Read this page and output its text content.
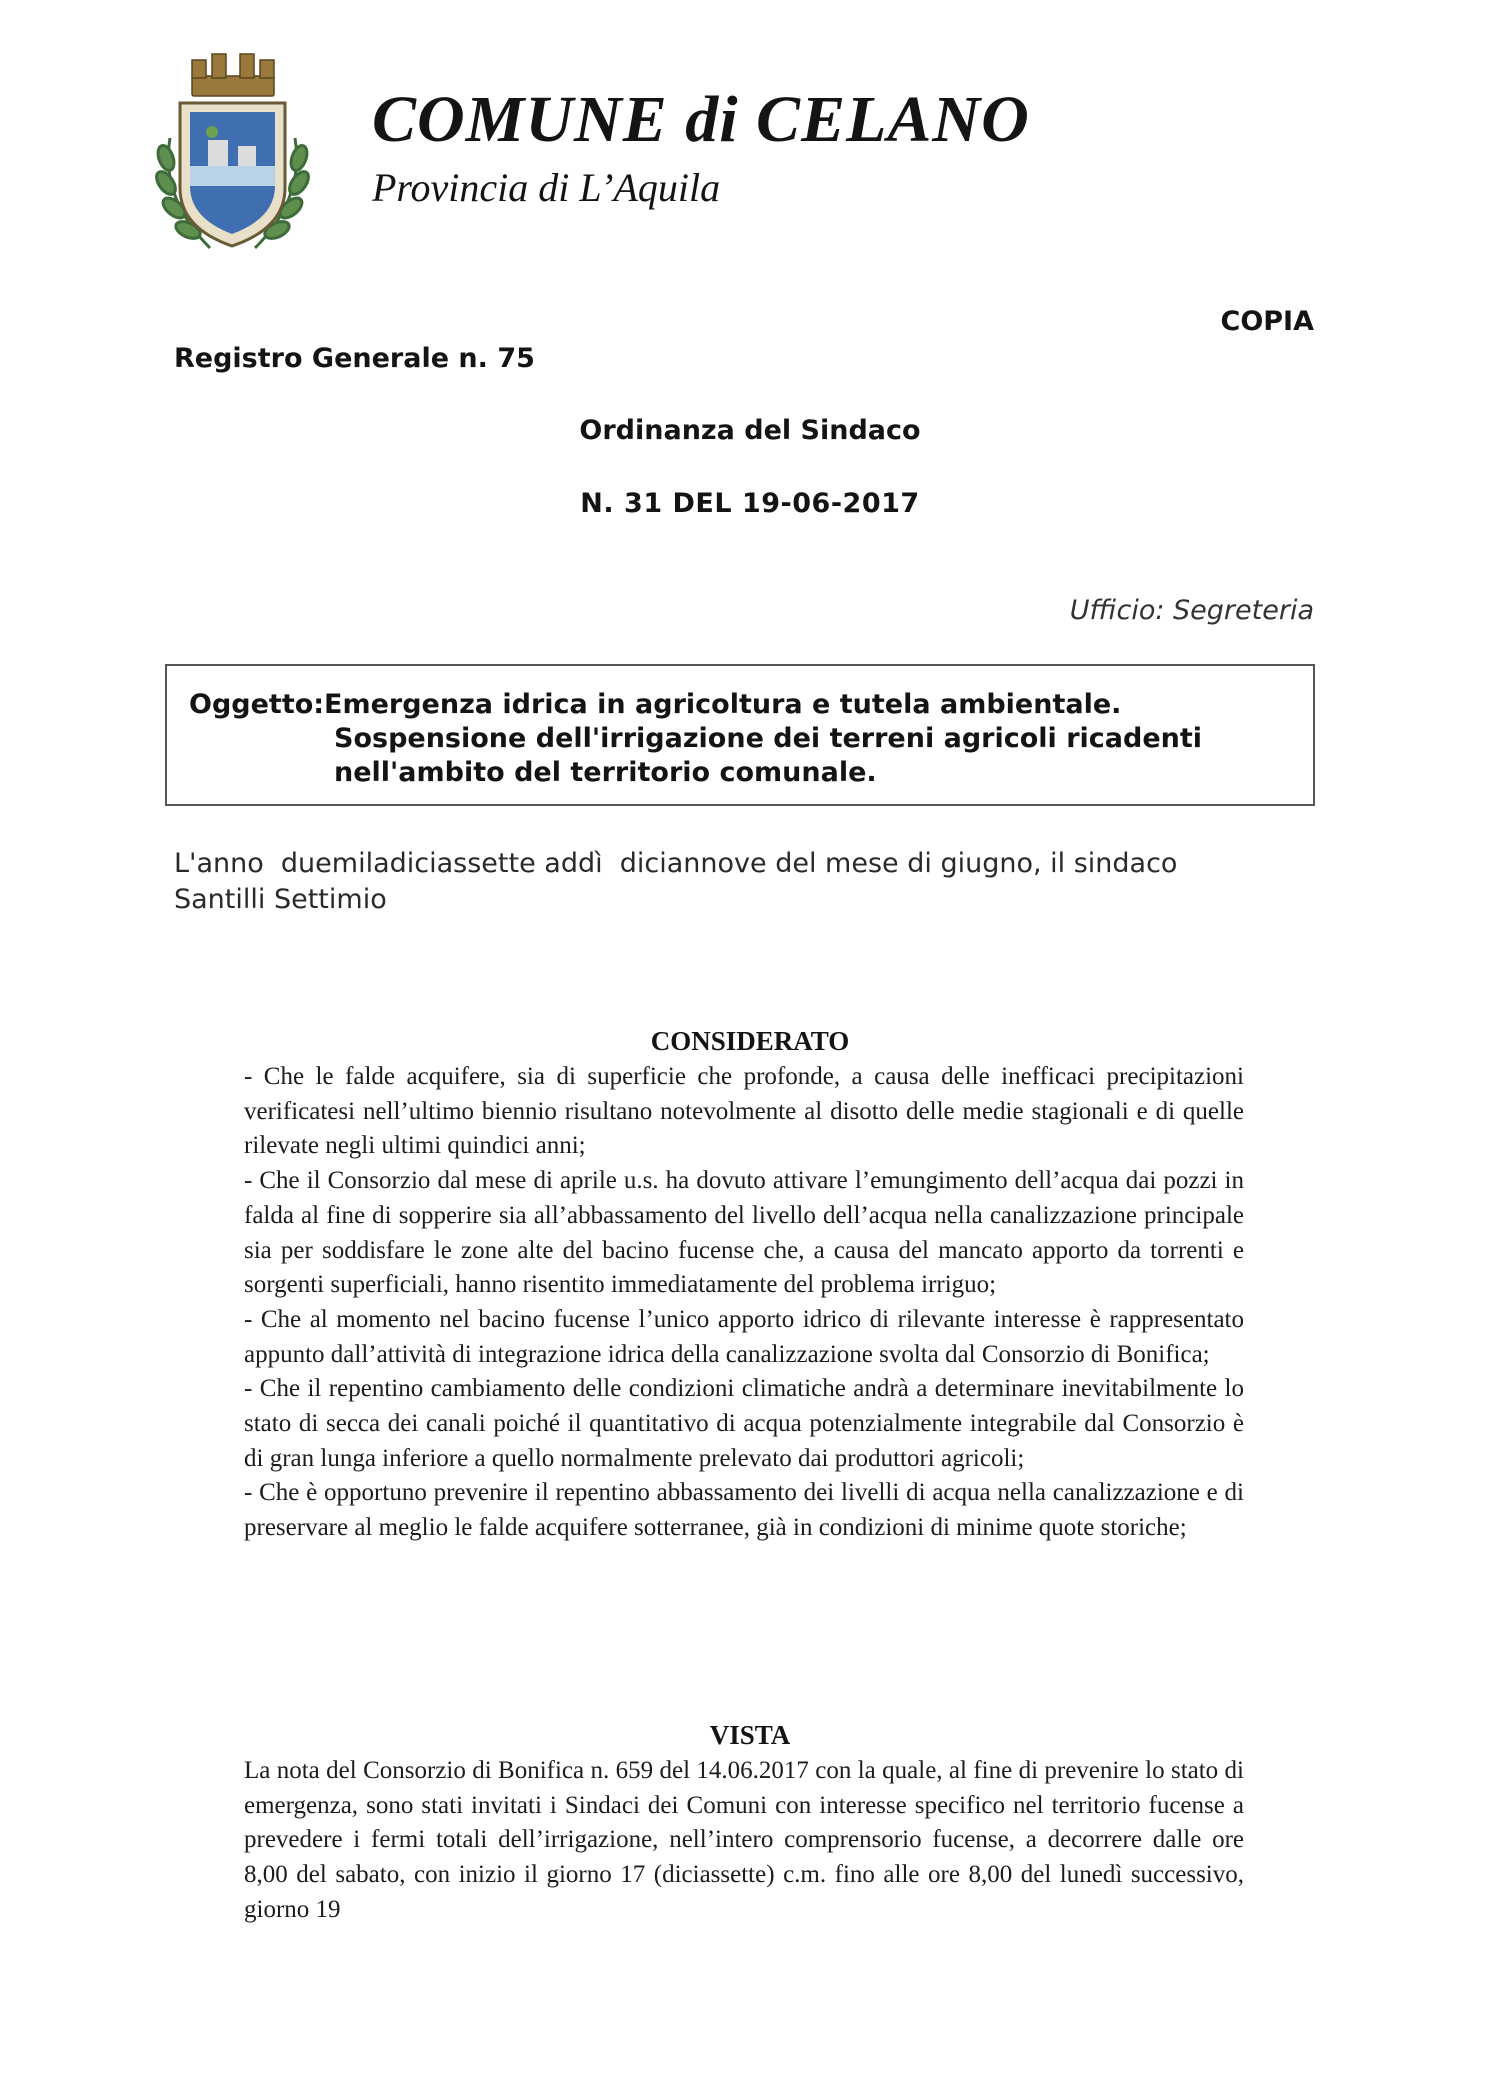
COMUNE di CELANO
Provincia di L’Aquila
COPIA
Registro Generale n. 75
Ordinanza del Sindaco
N. 31 DEL 19-06-2017
Ufficio: Segreteria
Oggetto:Emergenza idrica in agricoltura e tutela ambientale.
Sospensione dell'irrigazione dei terreni agricoli ricadenti
nell'ambito del territorio comunale.
L'anno  duemiladiciassette addì  diciannove del mese di giugno, il sindaco
Santilli Settimio
CONSIDERATO

- Che le falde acquifere, sia di superficie che profonde, a causa delle inefficaci precipitazioni verificatesi nell’ultimo biennio risultano notevolmente al disotto delle medie stagionali e di quelle rilevate negli ultimi quindici anni;

- Che il Consorzio dal mese di aprile u.s. ha dovuto attivare l’emungimento dell’acqua dai pozzi in falda al fine di sopperire sia all’abbassamento del livello dell’acqua nella canalizzazione principale sia per soddisfare le zone alte del bacino fucense che, a causa del mancato apporto da torrenti e sorgenti superficiali, hanno risentito immediatamente del problema irriguo;

- Che al momento nel bacino fucense l’unico apporto idrico di rilevante interesse è rappresentato appunto dall’attività di integrazione idrica della canalizzazione svolta dal Consorzio di Bonifica;

- Che il repentino cambiamento delle condizioni climatiche andrà a determinare inevitabilmente lo stato di secca dei canali poiché il quantitativo di acqua potenzialmente integrabile dal Consorzio è di gran lunga inferiore a quello normalmente prelevato dai produttori agricoli;

- Che è opportuno prevenire il repentino abbassamento dei livelli di acqua nella canalizzazione e di preservare al meglio le falde acquifere sotterranee, già in condizioni di minime quote storiche;

VISTA

La nota del Consorzio di Bonifica n. 659 del 14.06.2017 con la quale, al fine di prevenire lo stato di emergenza, sono stati invitati i Sindaci dei Comuni con interesse specifico nel territorio fucense a prevedere i fermi totali dell’irrigazione, nell’intero comprensorio fucense, a decorrere dalle ore 8,00 del sabato, con inizio il giorno 17 (diciassette) c.m. fino alle ore 8,00 del lunedì successivo, giorno 19
